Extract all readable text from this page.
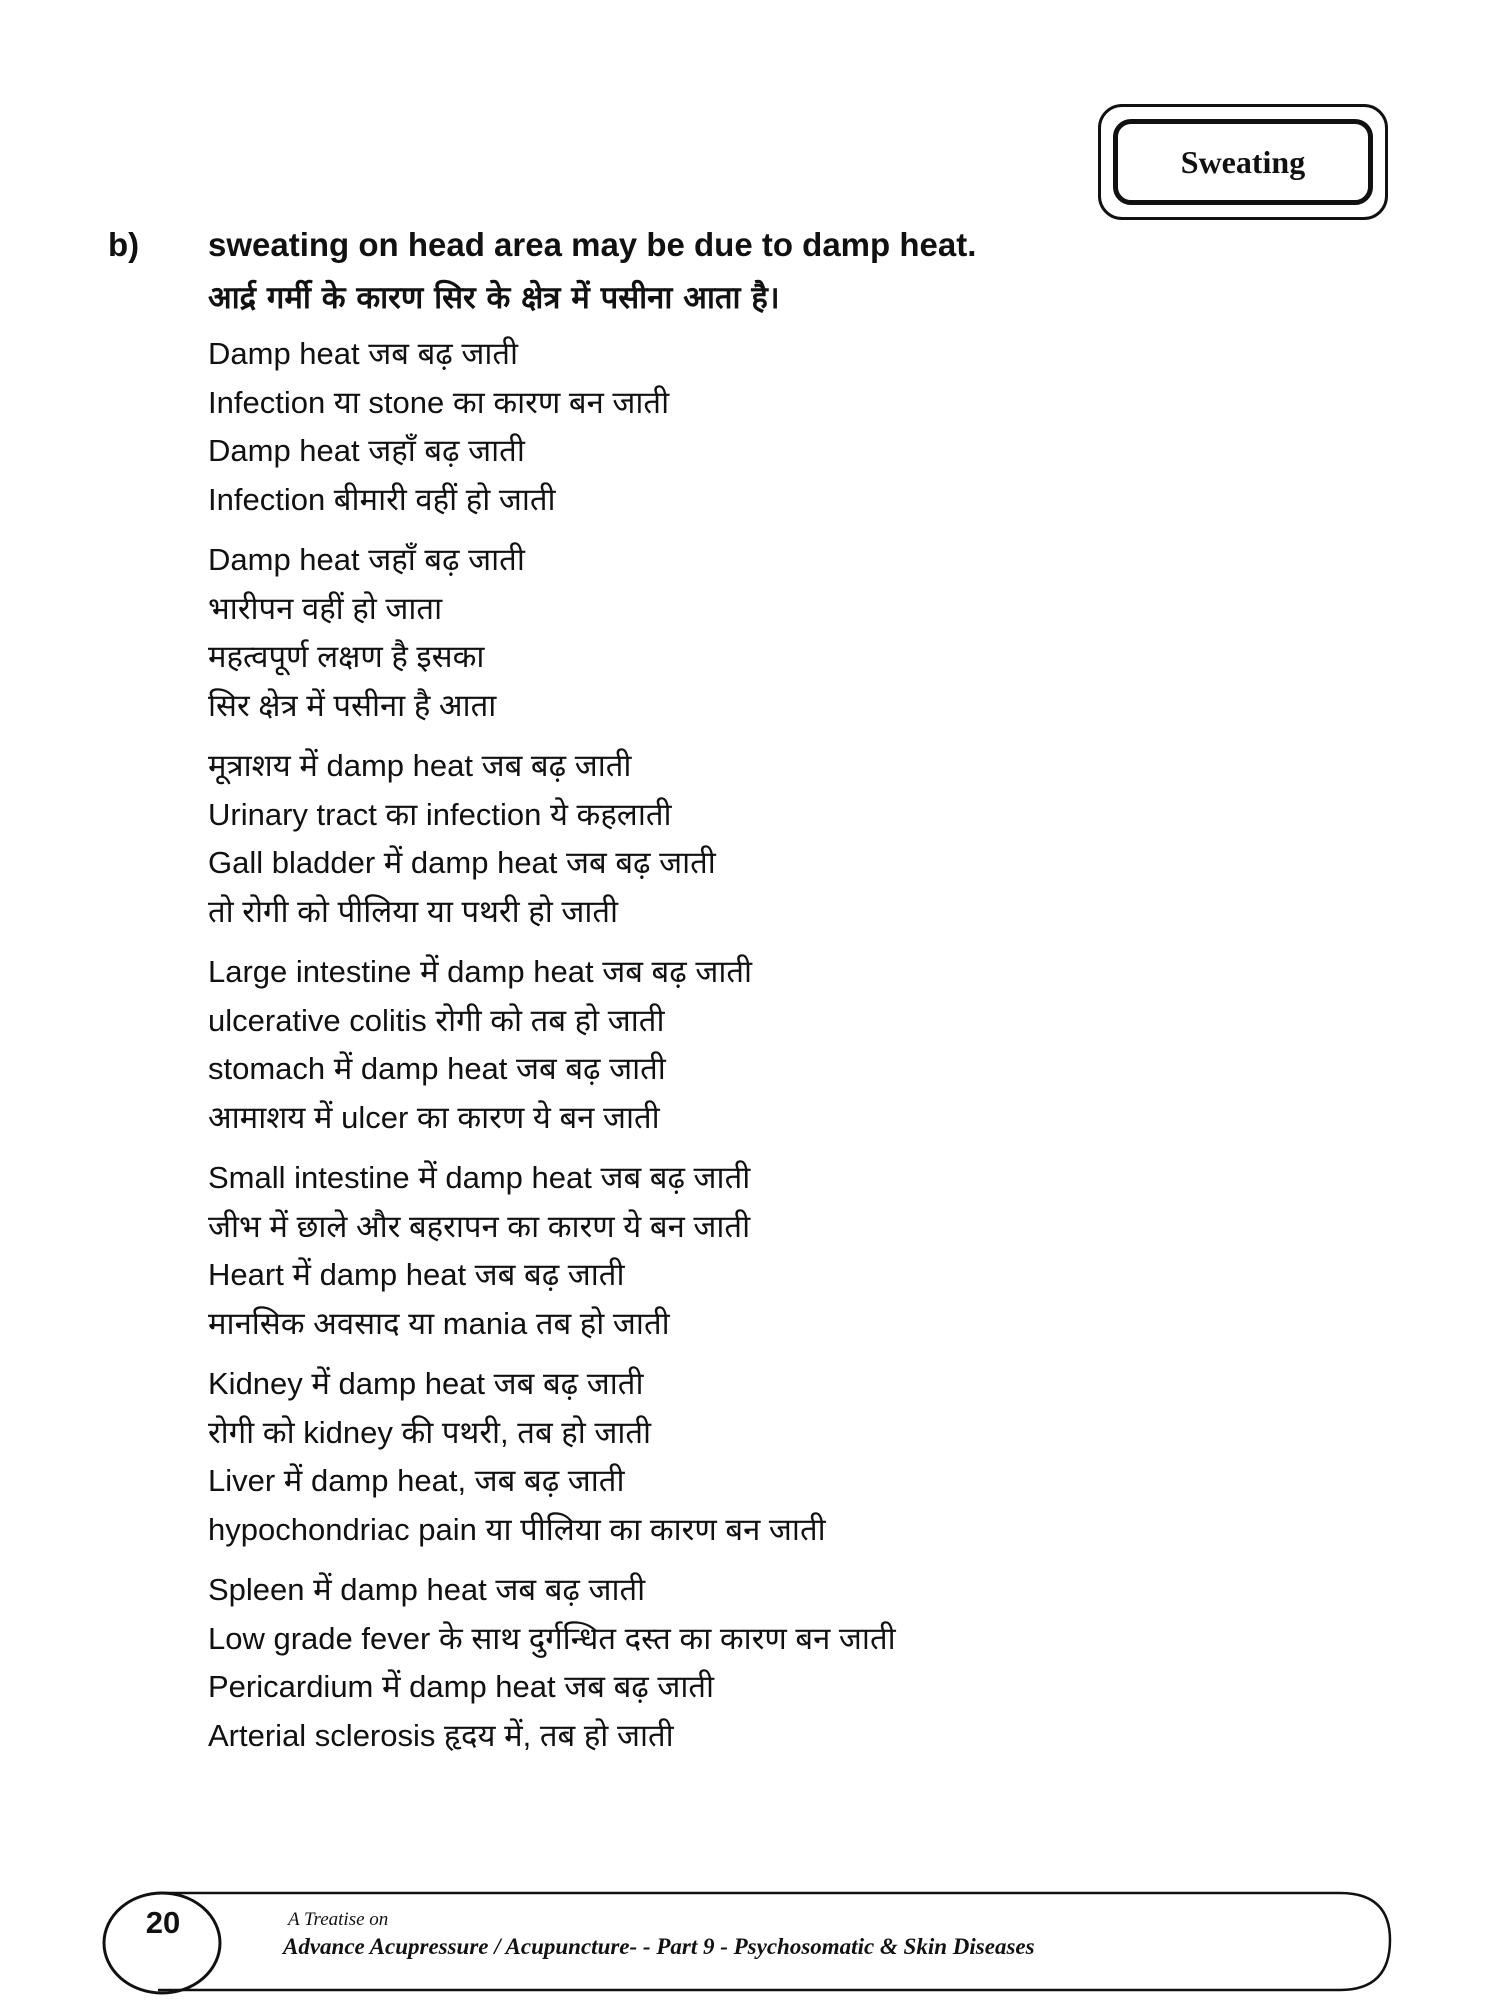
Sweating
b) sweating on head area may be due to damp heat.
आर्द्र गर्मी के कारण सिर के क्षेत्र में पसीना आता है।
Damp heat जब बढ़ जाती
Infection या stone का कारण बन जाती
Damp heat जहाँ बढ़ जाती
Infection बीमारी वहीं हो जाती
Damp heat जहाँ बढ़ जाती
भारीपन वहीं हो जाता
महत्वपूर्ण लक्षण है इसका
सिर क्षेत्र में पसीना है आता
मूत्राशय में damp heat जब बढ़ जाती
Urinary tract का infection ये कहलाती
Gall bladder में damp heat जब बढ़ जाती
तो रोगी को पीलिया या पथरी हो जाती
Large intestine में damp heat जब बढ़ जाती
ulcerative colitis रोगी को तब हो जाती
stomach में damp heat जब बढ़ जाती
आमाशय में ulcer का कारण ये बन जाती
Small intestine में damp heat जब बढ़ जाती
जीभ में छाले और बहरापन का कारण ये बन जाती
Heart में damp heat जब बढ़ जाती
मानसिक अवसाद या mania तब हो जाती
Kidney में damp heat जब बढ़ जाती
रोगी को kidney की पथरी, तब हो जाती
Liver में damp heat, जब बढ़ जाती
hypochondriac pain या पीलिया का कारण बन जाती
Spleen में damp heat जब बढ़ जाती
Low grade fever के साथ दुर्गन्धित दस्त का कारण बन जाती
Pericardium में damp heat जब बढ़ जाती
Arterial sclerosis हृदय में, तब हो जाती
20	A Treatise on
Advance Acupressure / Acupuncture- - Part 9 - Psychosomatic & Skin Diseases
